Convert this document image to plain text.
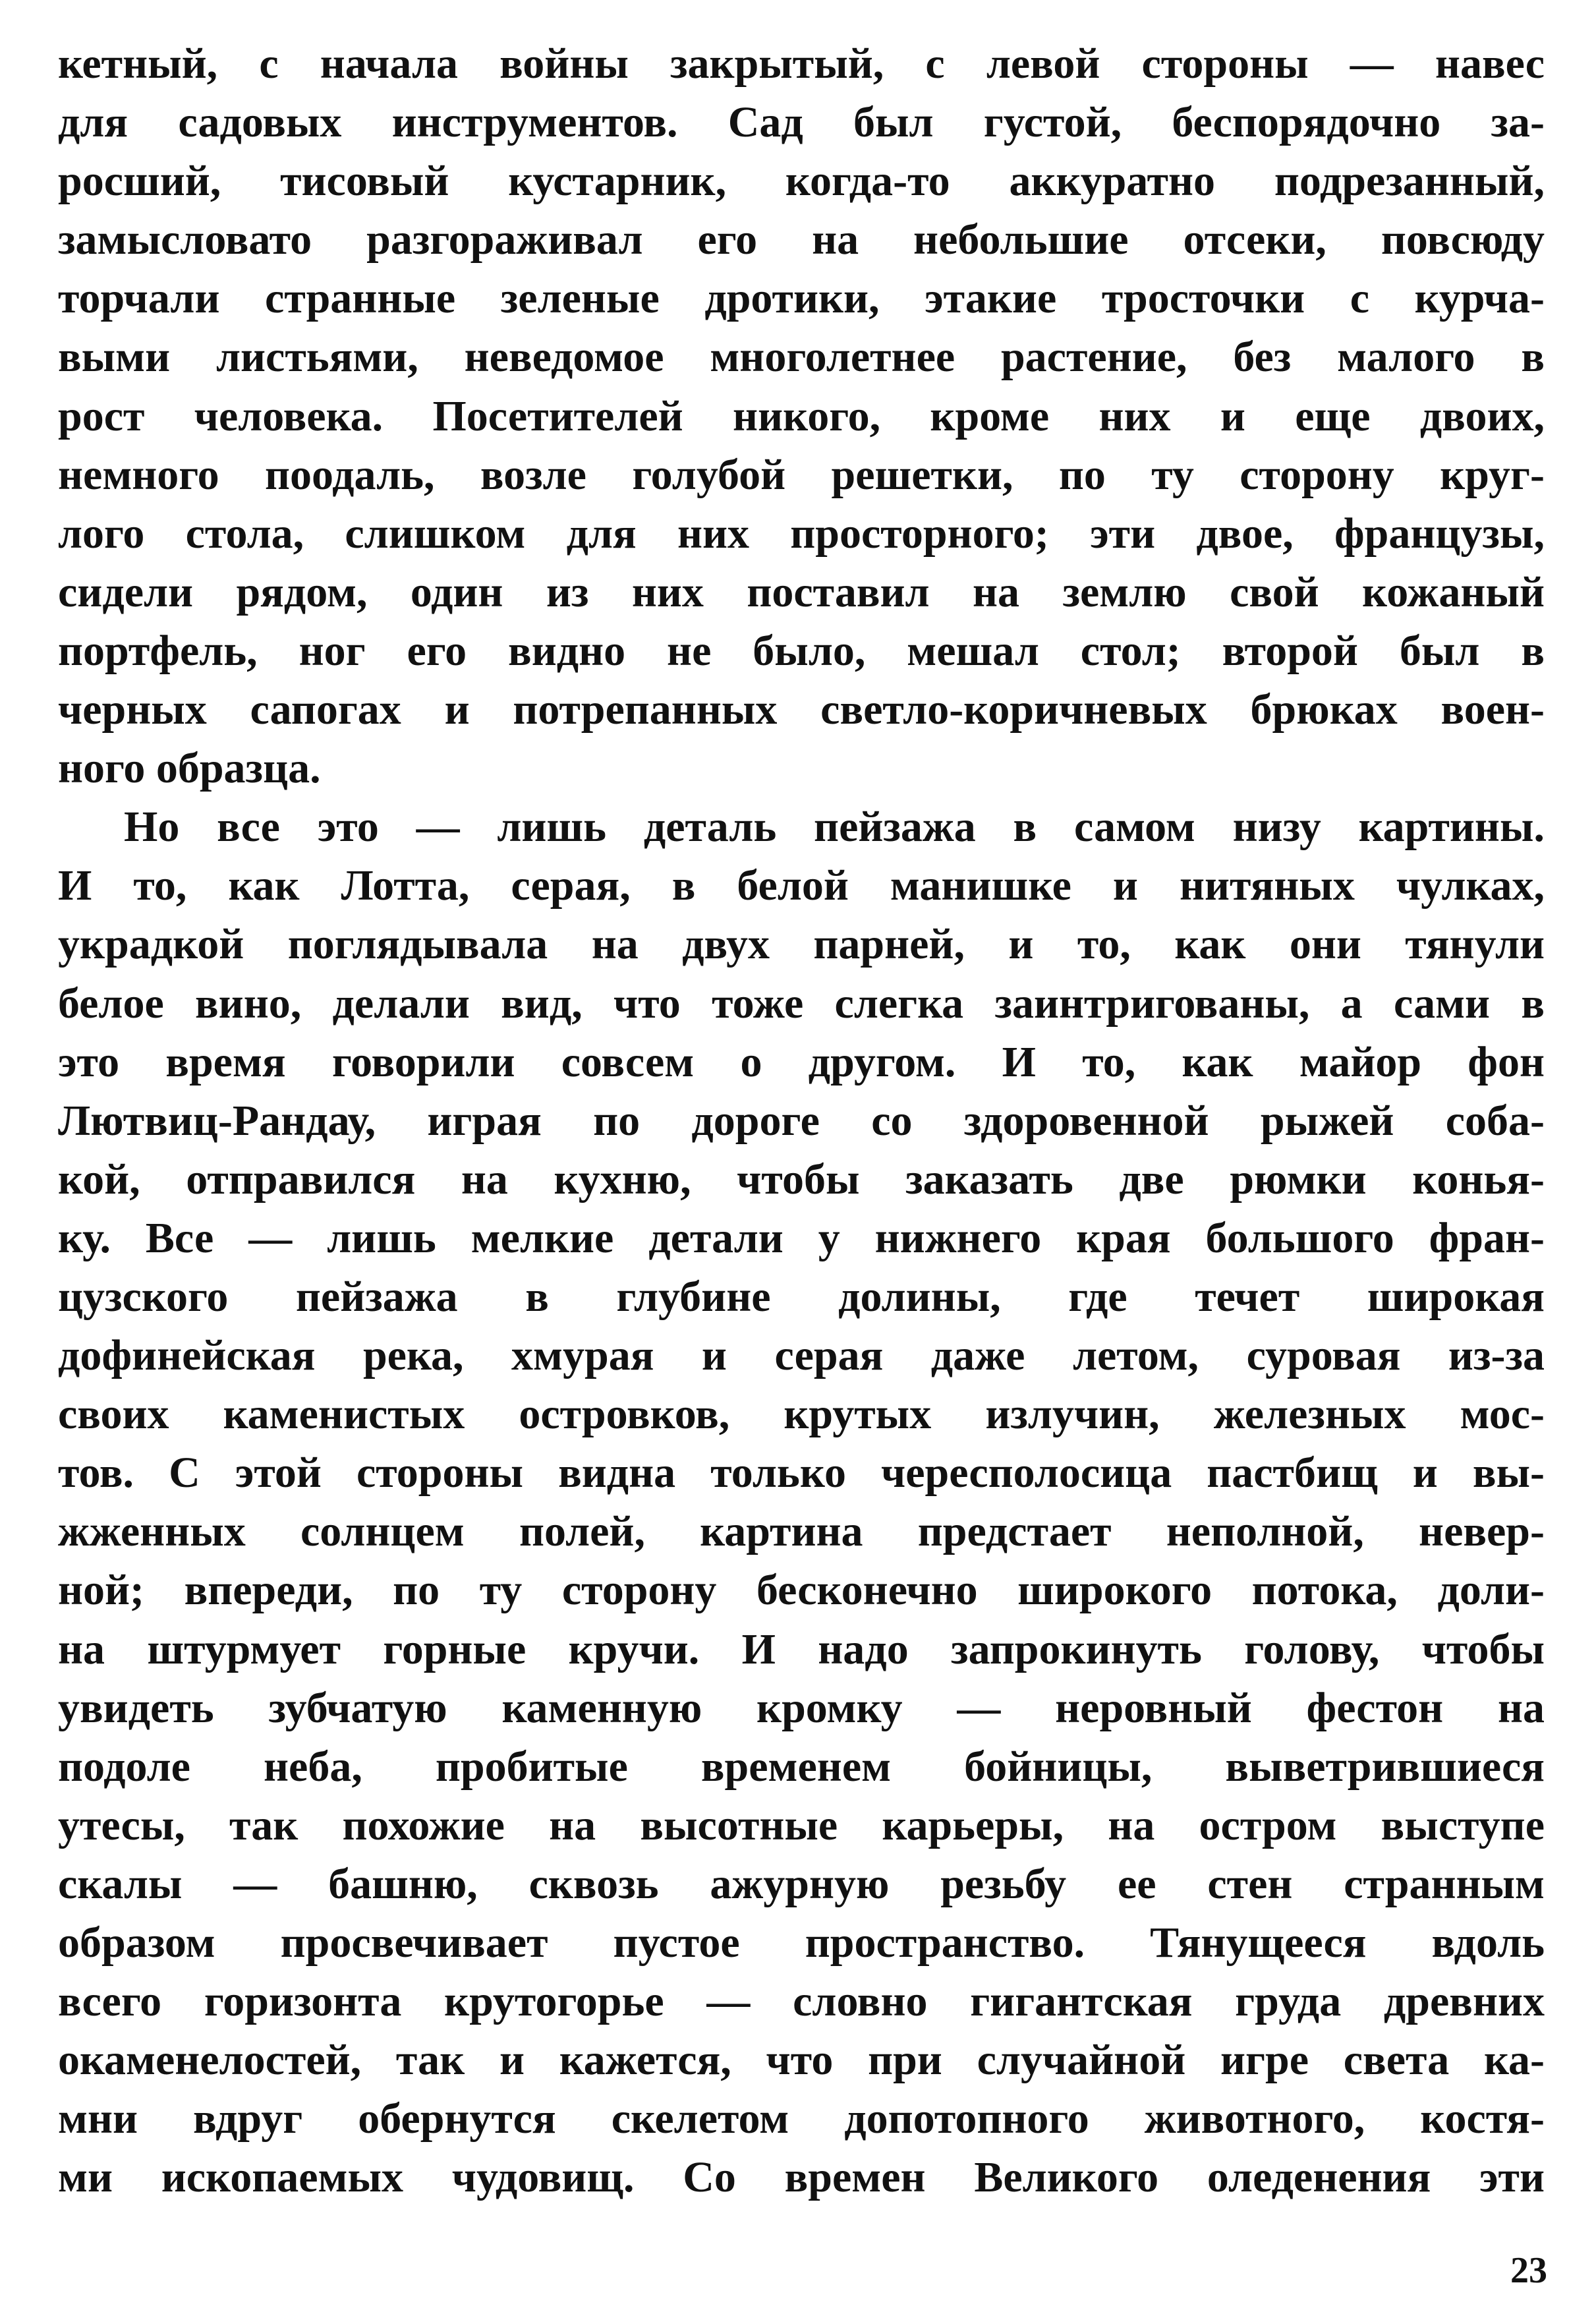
кетный, с начала войны закрытый, с левой стороны — навес
для садовых инструментов. Сад был густой, беспорядочно за-
росший, тисовый кустарник, когда-то аккуратно подрезанный,
замысловато разгораживал его на небольшие отсеки, повсюду
торчали странные зеленые дротики, этакие тросточки с курча-
выми листьями, неведомое многолетнее растение, без малого в
рост человека. Посетителей никого, кроме них и еще двоих,
немного поодаль, возле голубой решетки, по ту сторону круг-
лого стола, слишком для них просторного; эти двое, французы,
сидели рядом, один из них поставил на землю свой кожаный
портфель, ног его видно не было, мешал стол; второй был в
черных сапогах и потрепанных светло-коричневых брюках воен-
ного образца.
Но все это — лишь деталь пейзажа в самом низу картины.
И то, как Лотта, серая, в белой манишке и нитяных чулках,
украдкой поглядывала на двух парней, и то, как они тянули
белое вино, делали вид, что тоже слегка заинтригованы, а сами в
это время говорили совсем о другом. И то, как майор фон
Лютвиц-Рандау, играя по дороге со здоровенной рыжей соба-
кой, отправился на кухню, чтобы заказать две рюмки конья-
ку. Все — лишь мелкие детали у нижнего края большого фран-
цузского пейзажа в глубине долины, где течет широкая
дофинейская река, хмурая и серая даже летом, суровая из-за
своих каменистых островков, крутых излучин, железных мос-
тов. С этой стороны видна только чересполосица пастбищ и вы-
жженных солнцем полей, картина предстает неполной, невер-
ной; впереди, по ту сторону бесконечно широкого потока, доли-
на штурмует горные кручи. И надо запрокинуть голову, чтобы
увидеть зубчатую каменную кромку — неровный фестон на
подоле неба, пробитые временем бойницы, выветрившиеся
утесы, так похожие на высотные карьеры, на остром выступе
скалы — башню, сквозь ажурную резьбу ее стен странным
образом просвечивает пустое пространство. Тянущееся вдоль
всего горизонта крутогорье — словно гигантская груда древних
окаменелостей, так и кажется, что при случайной игре света ка-
мни вдруг обернутся скелетом допотопного животного, костя-
ми ископаемых чудовищ. Со времен Великого оледенения эти
23
